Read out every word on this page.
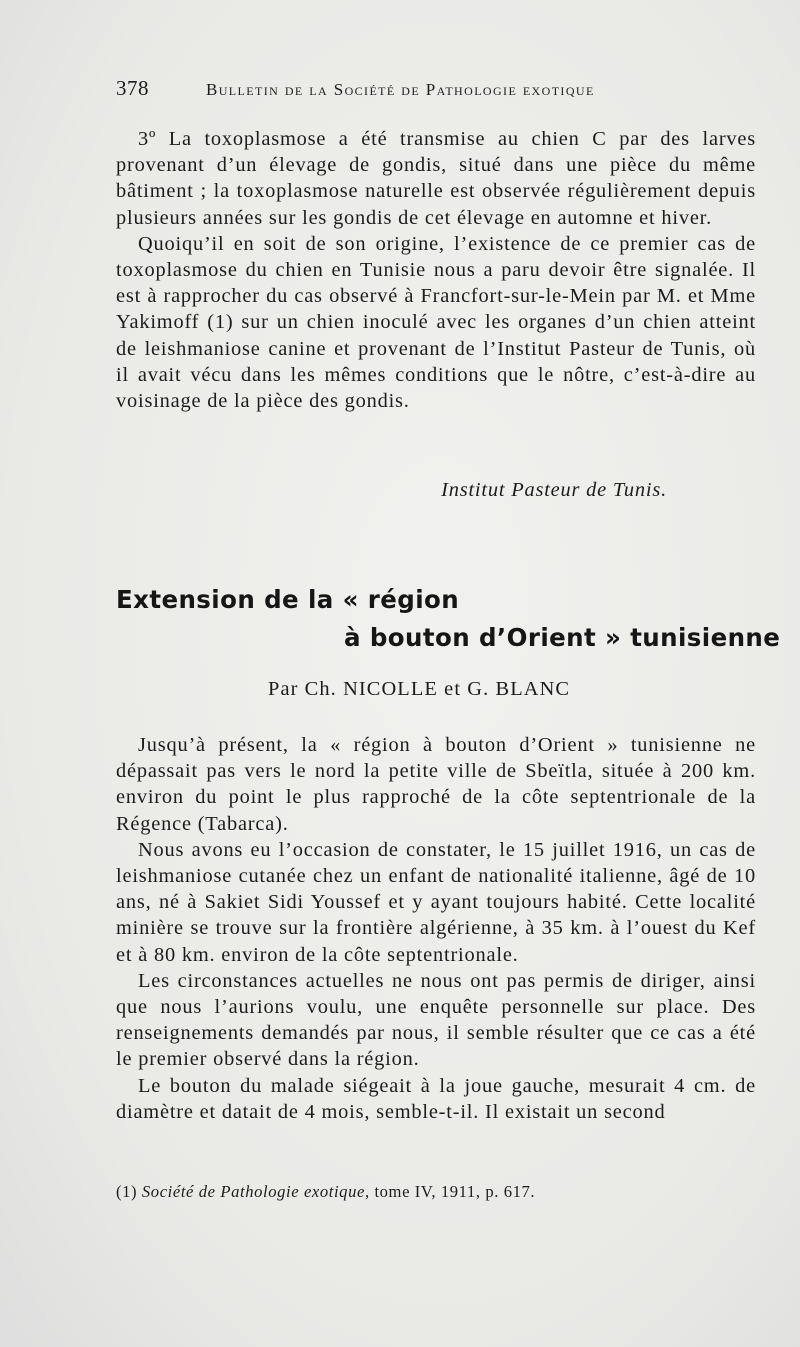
378	Bulletin de la Société de Pathologie exotique

3º La toxoplasmose a été transmise au chien C par des larves provenant d’un élevage de gondis, situé dans une pièce du même bâtiment ; la toxoplasmose naturelle est observée régulièrement depuis plusieurs années sur les gondis de cet élevage en automne et hiver.

Quoiqu’il en soit de son origine, l’existence de ce premier cas de toxoplasmose du chien en Tunisie nous a paru devoir être signalée. Il est à rapprocher du cas observé à Francfort-sur-le-Mein par M. et Mme Yakimoff (1) sur un chien inoculé avec les organes d’un chien atteint de leishmaniose canine et provenant de l’Institut Pasteur de Tunis, où il avait vécu dans les mêmes conditions que le nôtre, c’est-à-dire au voisinage de la pièce des gondis.

Institut Pasteur de Tunis.
Extension de la « région
à bouton d’Orient » tunisienne
Par Ch. NICOLLE et G. BLANC

Jusqu’à présent, la « région à bouton d’Orient » tunisienne ne dépassait pas vers le nord la petite ville de Sbeïtla, située à 200 km. environ du point le plus rapproché de la côte septentrionale de la Régence (Tabarca).

Nous avons eu l’occasion de constater, le 15 juillet 1916, un cas de leishmaniose cutanée chez un enfant de nationalité italienne, âgé de 10 ans, né à Sakiet Sidi Youssef et y ayant toujours habité. Cette localité minière se trouve sur la frontière algérienne, à 35 km. à l’ouest du Kef et à 80 km. environ de la côte septentrionale.

Les circonstances actuelles ne nous ont pas permis de diriger, ainsi que nous l’aurions voulu, une enquête personnelle sur place. Des renseignements demandés par nous, il semble résulter que ce cas a été le premier observé dans la région.

Le bouton du malade siégeait à la joue gauche, mesurait 4 cm. de diamètre et datait de 4 mois, semble-t-il. Il existait un second

(1) Société de Pathologie exotique, tome IV, 1911, p. 617.
